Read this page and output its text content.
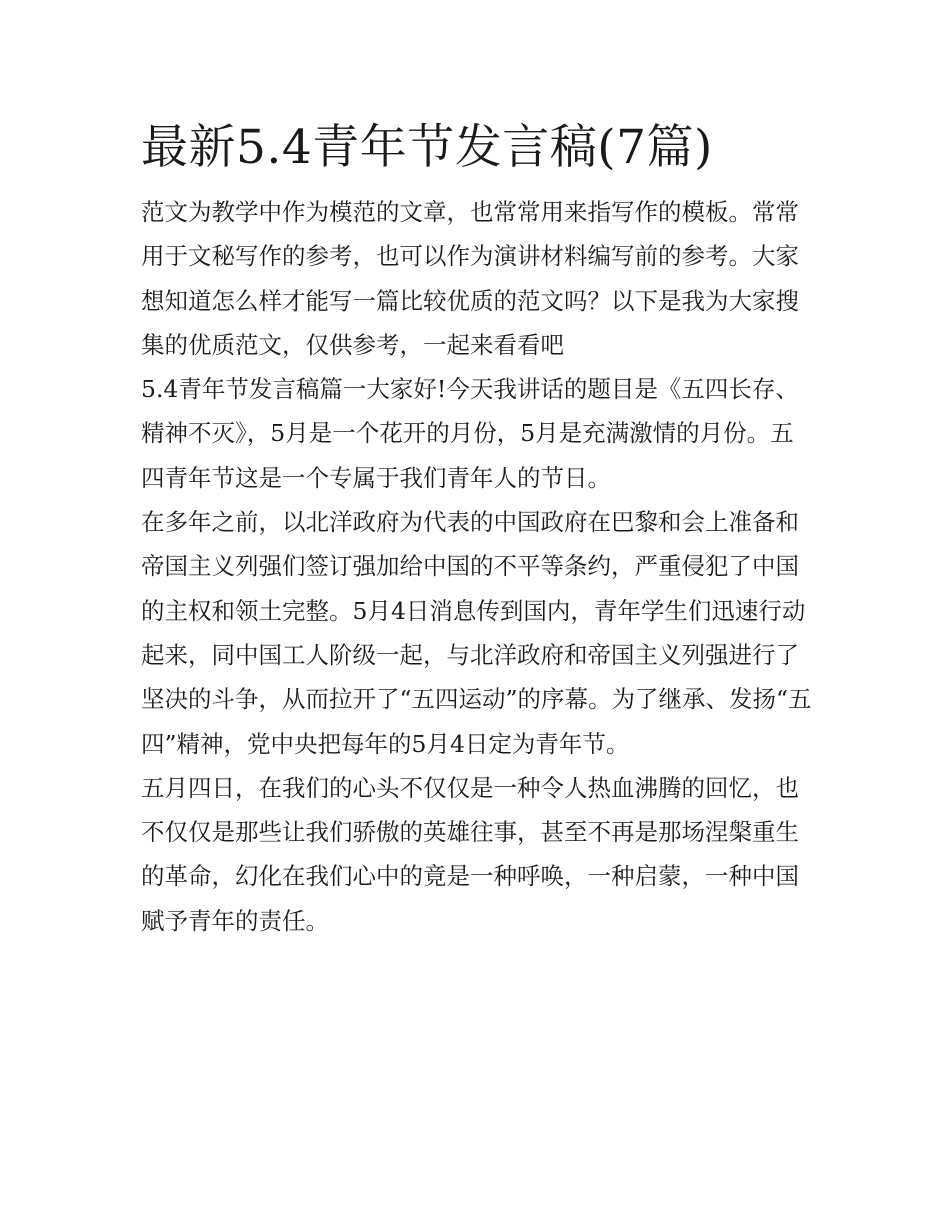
最新5.4青年节发言稿(7篇)

范文为教学中作为模范的文章，也常常用来指写作的模板。常常用于文秘写作的参考，也可以作为演讲材料编写前的参考。大家想知道怎么样才能写一篇比较优质的范文吗？以下是我为大家搜集的优质范文，仅供参考，一起来看看吧

5.4青年节发言稿篇一大家好!今天我讲话的题目是《五四长存、精神不灭》，5月是一个花开的月份，5月是充满激情的月份。五四青年节这是一个专属于我们青年人的节日。

在多年之前，以北洋政府为代表的中国政府在巴黎和会上准备和帝国主义列强们签订强加给中国的不平等条约，严重侵犯了中国的主权和领土完整。5月4日消息传到国内，青年学生们迅速行动起来，同中国工人阶级一起，与北洋政府和帝国主义列强进行了坚决的斗争，从而拉开了“五四运动”的序幕。为了继承、发扬“五四”精神，党中央把每年的5月4日定为青年节。

五月四日，在我们的心头不仅仅是一种令人热血沸腾的回忆，也不仅仅是那些让我们骄傲的英雄往事，甚至不再是那场涅槃重生的革命，幻化在我们心中的竟是一种呼唤，一种启蒙，一种中国赋予青年的责任。
